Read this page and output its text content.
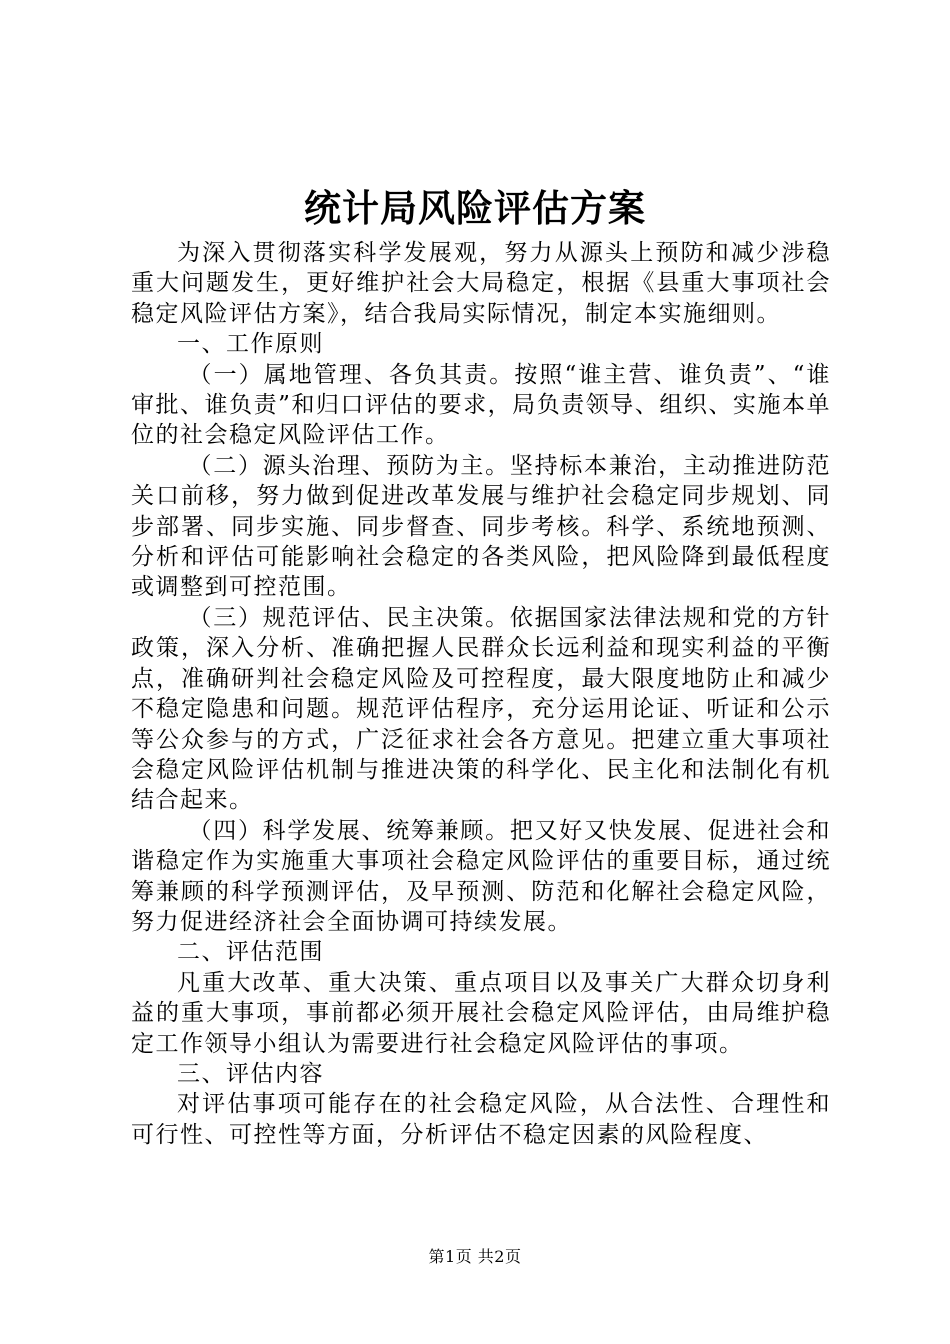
统计局风险评估方案

为深入贯彻落实科学发展观，努力从源头上预防和减少涉稳重大问题发生，更好维护社会大局稳定，根据《县重大事项社会稳定风险评估方案》，结合我局实际情况，制定本实施细则。

一、工作原则

（一）属地管理、各负其责。按照“谁主营、谁负责”、“谁审批、谁负责”和归口评估的要求，局负责领导、组织、实施本单位的社会稳定风险评估工作。

（二）源头治理、预防为主。坚持标本兼治，主动推进防范关口前移，努力做到促进改革发展与维护社会稳定同步规划、同步部署、同步实施、同步督查、同步考核。科学、系统地预测、分析和评估可能影响社会稳定的各类风险，把风险降到最低程度或调整到可控范围。

（三）规范评估、民主决策。依据国家法律法规和党的方针政策，深入分析、准确把握人民群众长远利益和现实利益的平衡点，准确研判社会稳定风险及可控程度，最大限度地防止和减少不稳定隐患和问题。规范评估程序，充分运用论证、听证和公示等公众参与的方式，广泛征求社会各方意见。把建立重大事项社会稳定风险评估机制与推进决策的科学化、民主化和法制化有机结合起来。

（四）科学发展、统筹兼顾。把又好又快发展、促进社会和谐稳定作为实施重大事项社会稳定风险评估的重要目标，通过统筹兼顾的科学预测评估，及早预测、防范和化解社会稳定风险，努力促进经济社会全面协调可持续发展。

二、评估范围

凡重大改革、重大决策、重点项目以及事关广大群众切身利益的重大事项，事前都必须开展社会稳定风险评估，由局维护稳定工作领导小组认为需要进行社会稳定风险评估的事项。

三、评估内容

对评估事项可能存在的社会稳定风险，从合法性、合理性和可行性、可控性等方面，分析评估不稳定因素的风险程度、

第1页 共2页
